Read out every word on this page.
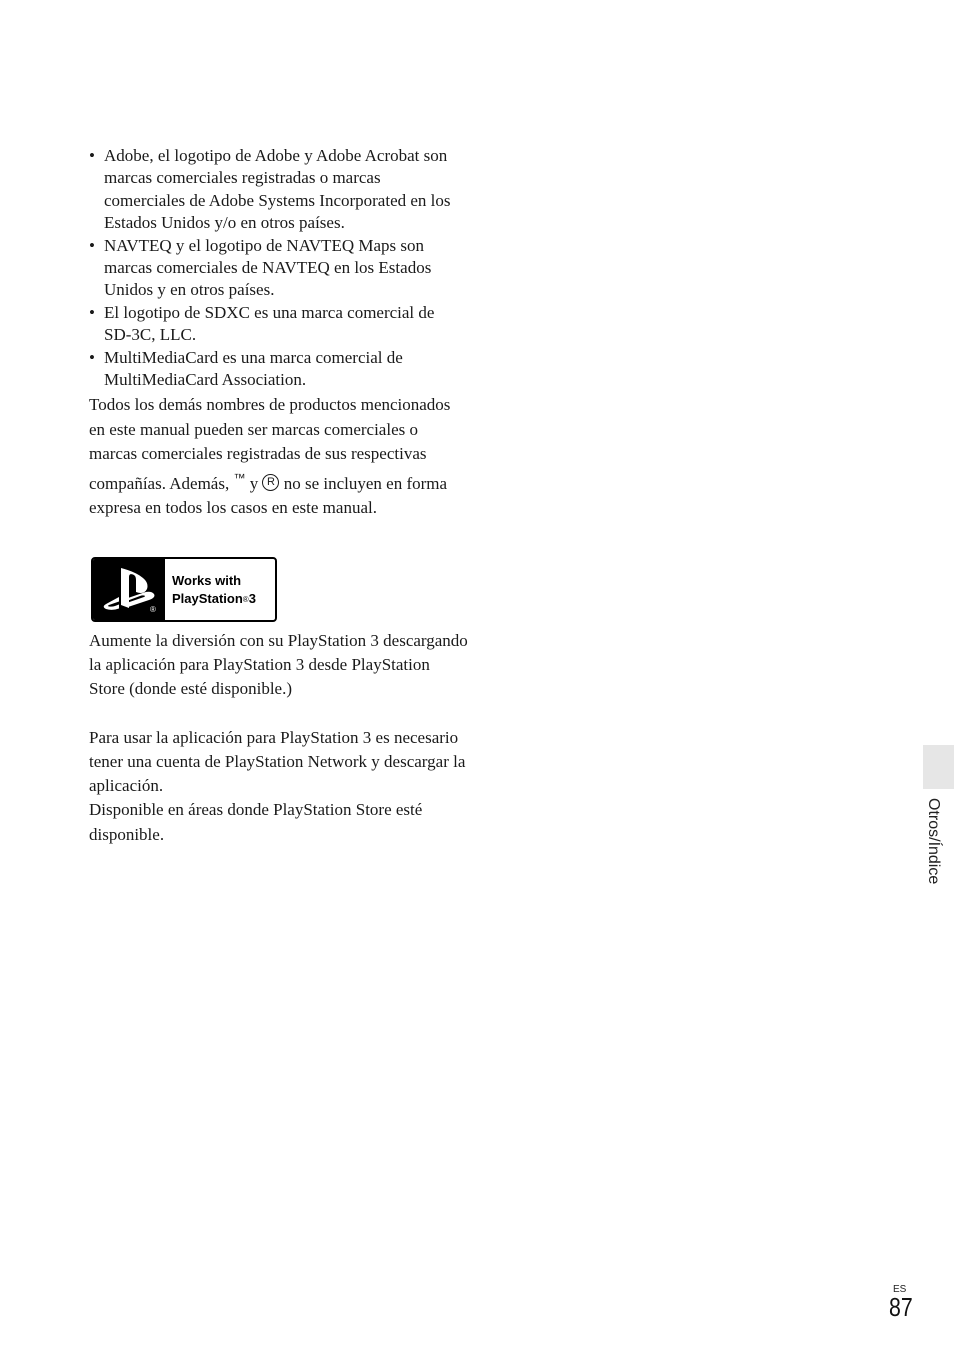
• Adobe, el logotipo de Adobe y Adobe Acrobat son marcas comerciales registradas o marcas comerciales de Adobe Systems Incorporated en los Estados Unidos y/o en otros países.
• NAVTEQ y el logotipo de NAVTEQ Maps son marcas comerciales de NAVTEQ en los Estados Unidos y en otros países.
• El logotipo de SDXC es una marca comercial de SD-3C, LLC.
• MultiMediaCard es una marca comercial de MultiMediaCard Association.

Todos los demás nombres de productos mencionados en este manual pueden ser marcas comerciales o marcas comerciales registradas de sus respectivas compañías. Además, ™ y R no se incluyen en forma expresa en todos los casos en este manual.

®
Works with
PlayStation®3

Aumente la diversión con su PlayStation 3 descargando la aplicación para PlayStation 3 desde PlayStation Store (donde esté disponible.)

Para usar la aplicación para PlayStation 3 es necesario tener una cuenta de PlayStation Network y descargar la aplicación.

Disponible en áreas donde PlayStation Store esté disponible.	Otros/Índice
ES
87
